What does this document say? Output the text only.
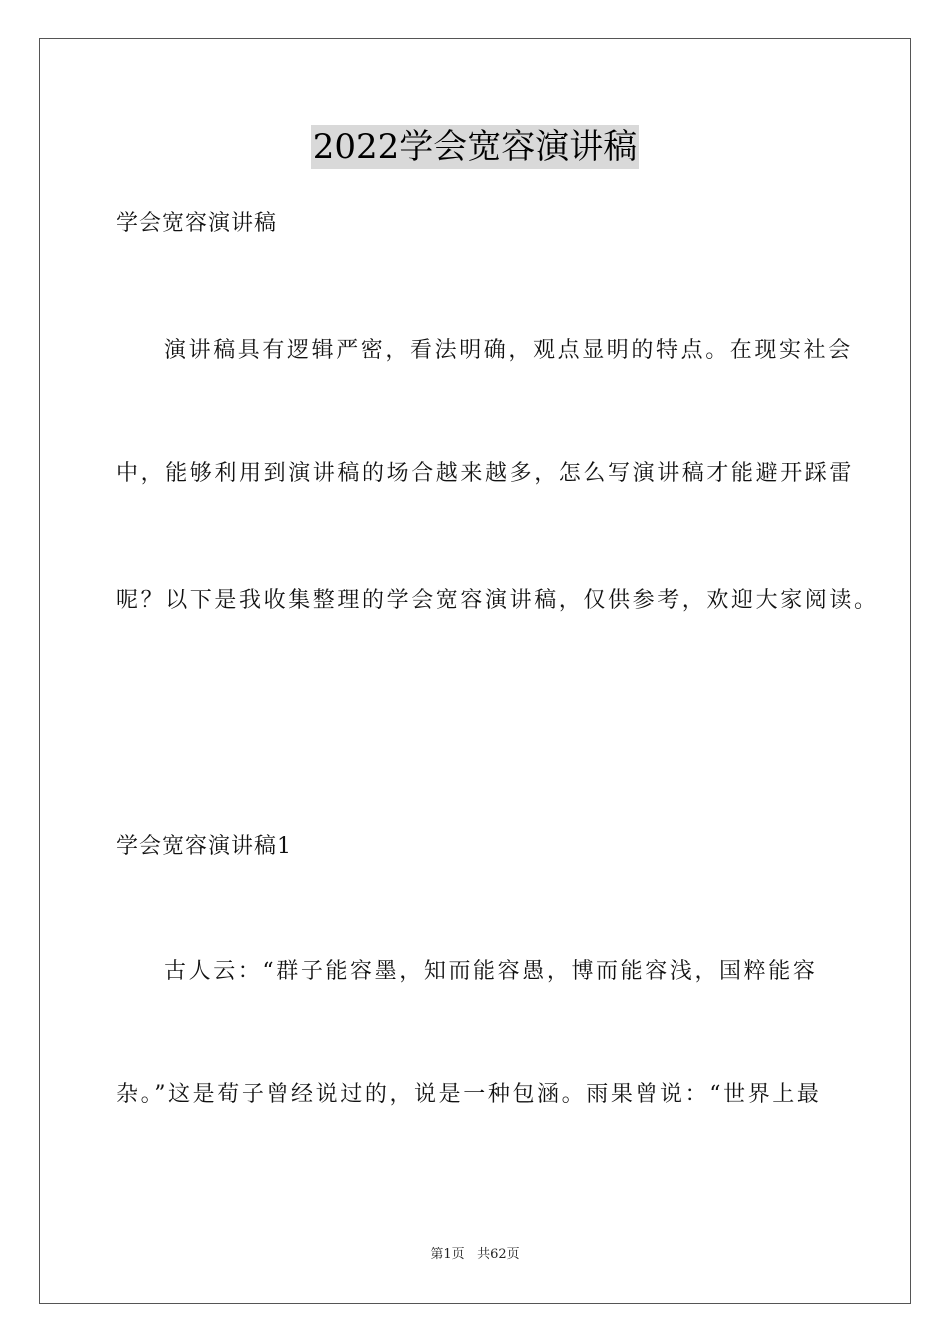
2022学会宽容演讲稿
学会宽容演讲稿
演讲稿具有逻辑严密，看法明确，观点显明的特点。在现实社会
中，能够利用到演讲稿的场合越来越多，怎么写演讲稿才能避开踩雷
呢？以下是我收集整理的学会宽容演讲稿，仅供参考，欢迎大家阅读。
学会宽容演讲稿1
古人云：“群子能容墨，知而能容愚，博而能容浅，国粹能容
杂。”这是荀子曾经说过的，说是一种包涵。雨果曾说：“世界上最
第1页 共62页
